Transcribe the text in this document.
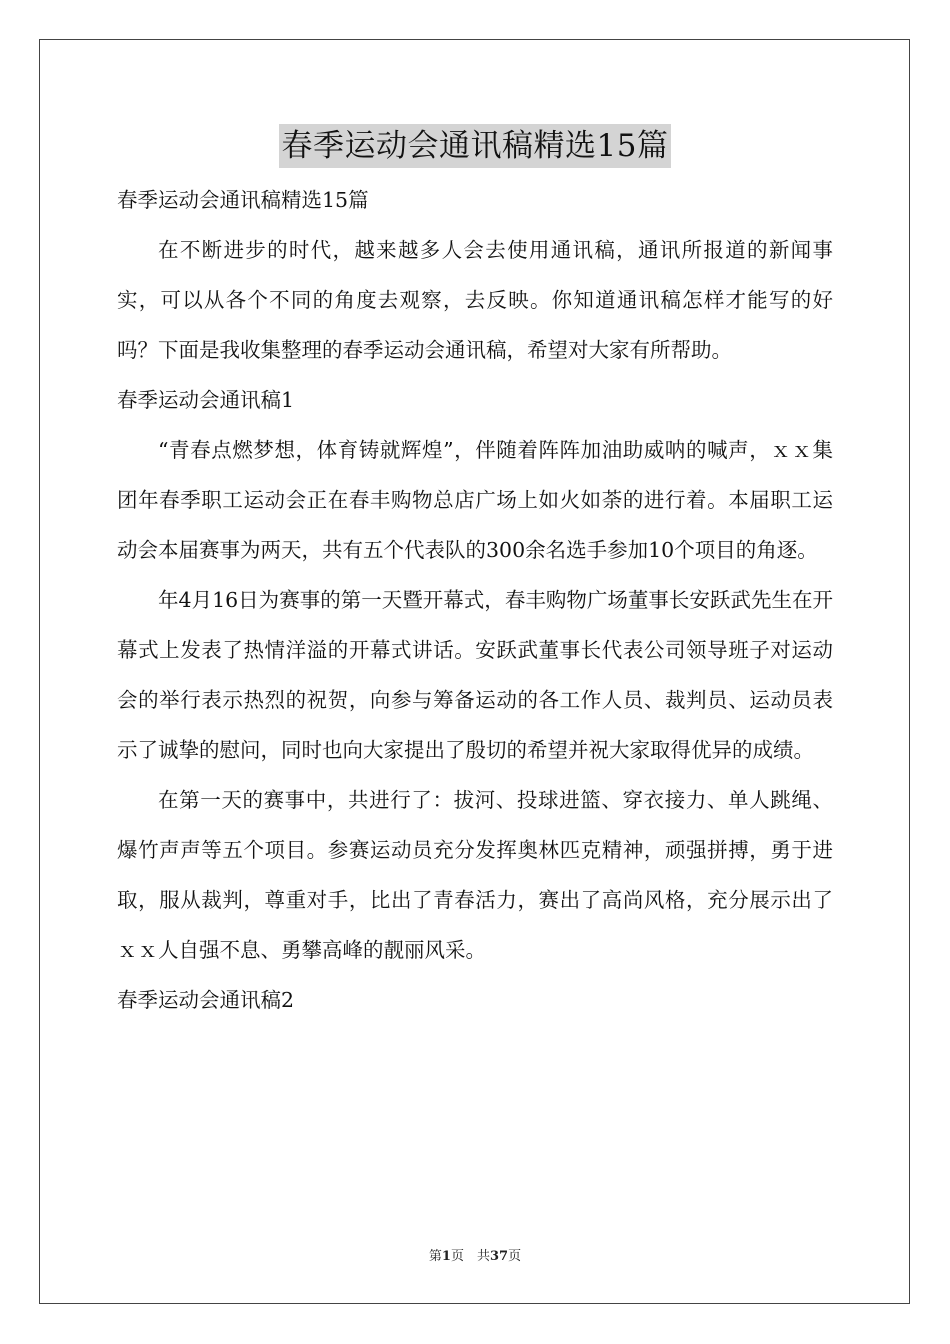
春季运动会通讯稿精选15篇
春季运动会通讯稿精选15篇

在不断进步的时代，越来越多人会去使用通讯稿，通讯所报道的新闻事实，可以从各个不同的角度去观察，去反映。你知道通讯稿怎样才能写的好吗？下面是我收集整理的春季运动会通讯稿，希望对大家有所帮助。

春季运动会通讯稿1

“青春点燃梦想，体育铸就辉煌”，伴随着阵阵加油助威呐的喊声，ｘｘ集团年春季职工运动会正在春丰购物总店广场上如火如荼的进行着。本届职工运动会本届赛事为两天，共有五个代表队的300余名选手参加10个项目的角逐。

年4月16日为赛事的第一天暨开幕式，春丰购物广场董事长安跃武先生在开幕式上发表了热情洋溢的开幕式讲话。安跃武董事长代表公司领导班子对运动会的举行表示热烈的祝贺，向参与筹备运动的各工作人员、裁判员、运动员表示了诚挚的慰问，同时也向大家提出了殷切的希望并祝大家取得优异的成绩。

在第一天的赛事中，共进行了：拔河、投球进篮、穿衣接力、单人跳绳、爆竹声声等五个项目。参赛运动员充分发挥奥林匹克精神，顽强拼搏，勇于进取，服从裁判，尊重对手，比出了青春活力，赛出了高尚风格，充分展示出了ｘｘ人自强不息、勇攀高峰的靓丽风采。

春季运动会通讯稿2
第1页　共37页
